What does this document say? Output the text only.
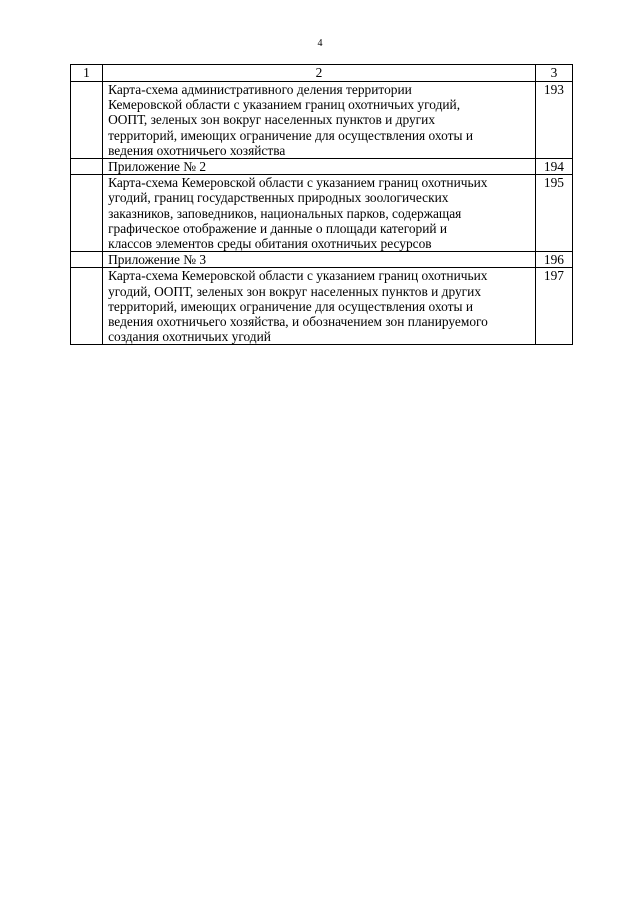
4
1	2	3
	Карта-схема административного деления территории
Кемеровской области с указанием границ охотничьих угодий,
ООПТ, зеленых зон вокруг населенных пунктов и других
территорий, имеющих ограничение для осуществления охоты и
ведения охотничьего хозяйства	193
	Приложение № 2	194
	Карта-схема Кемеровской области с указанием границ охотничьих
угодий, границ государственных природных зоологических
заказников, заповедников, национальных парков, содержащая
графическое отображение и данные о площади категорий и
классов элементов среды обитания охотничьих ресурсов	195
	Приложение № 3	196
	Карта-схема Кемеровской области с указанием границ охотничьих
угодий, ООПТ, зеленых зон вокруг населенных пунктов и других
территорий, имеющих ограничение для осуществления охоты и
ведения охотничьего хозяйства, и обозначением зон планируемого
создания охотничьих угодий	197
